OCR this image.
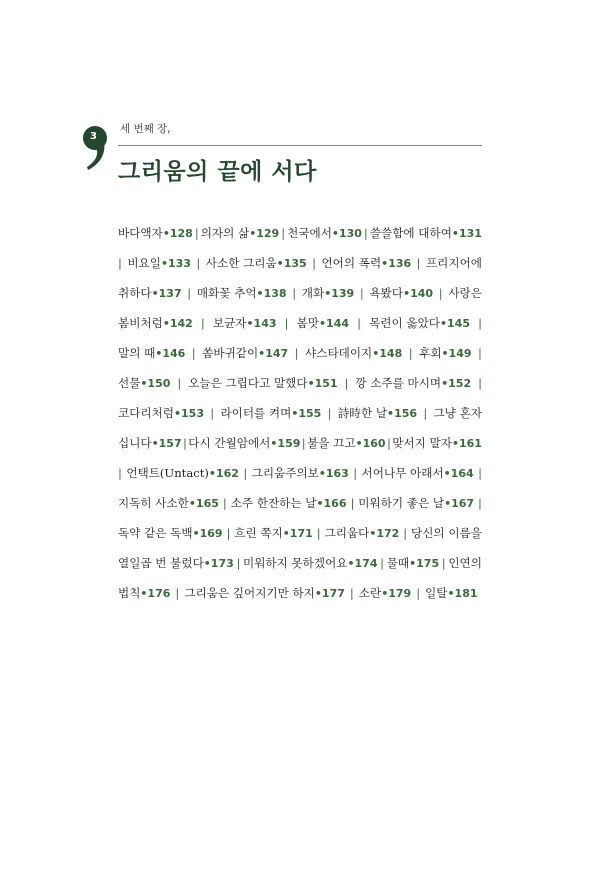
3
세 번째 장,
그리움의 끝에 서다
바다액자•128 | 의자의 삶•129 | 천국에서•130 | 쓸쓸함에 대하여•131
| 비요일•133 | 사소한 그리움•135 | 언어의 폭력•136 | 프리지어에
취하다•137 | 매화꽃 추억•138 | 개화•139 | 욕봤다•140 | 사랑은
봄비처럼•142 | 보균자•143 | 봄맛•144 | 목련이 옳았다•145 |
말의 때•146 | 쏨바귀같이•147 | 샤스타데이지•148 | 후회•149 |
선물•150 | 오늘은 그립다고 말했다•151 | 깡 소주를 마시며•152 |
코다리처럼•153 | 라이터를 켜며•155 | 詩時한 날•156 | 그냥 혼자
십니다•157 | 다시 간월암에서•159 | 불을 끄고•160 | 맞서지 말자•161
| 언택트(Untact)•162 | 그리움주의보•163 | 서어나무 아래서•164 |
지독히 사소한•165 | 소주 한잔하는 날•166 | 미워하기 좋은 날•167 |
독약 같은 독백•169 | 흐린 쪽지•171 | 그리웁다•172 | 당신의 이름을
열일곱 번 불렀다•173 | 미워하지 못하겠어요•174 | 물때•175 | 인연의
법칙•176 | 그리움은 깊어지기만 하지•177 | 소란•179 | 일탈•181
